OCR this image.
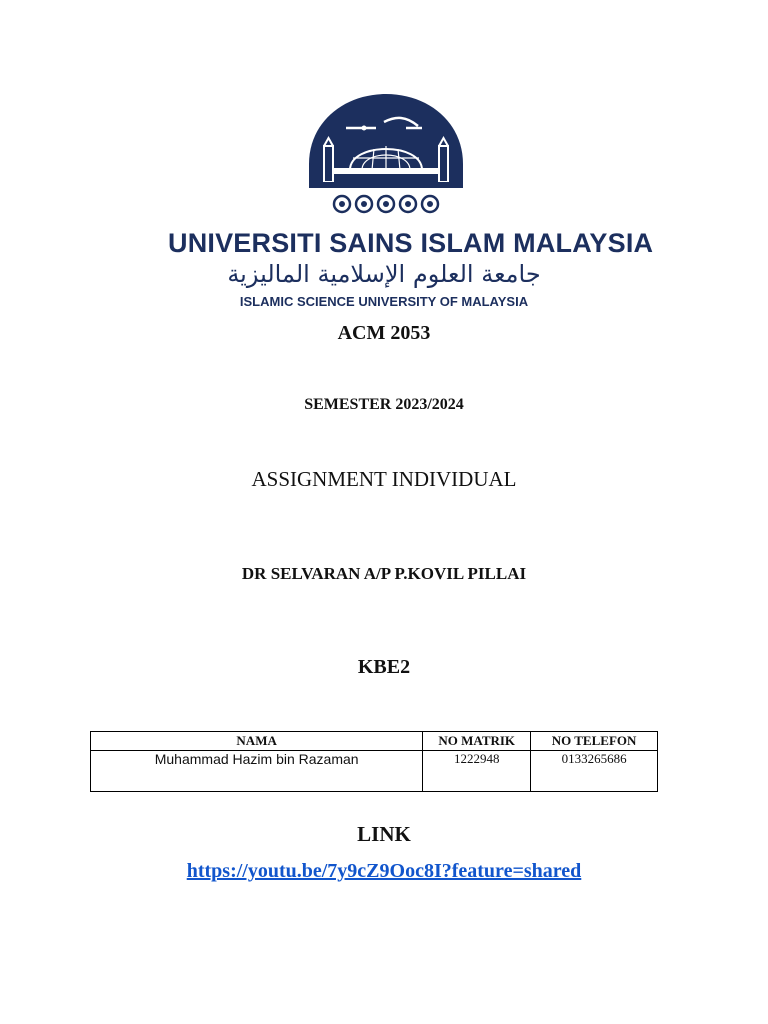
UNIVERSITI SAINS ISLAM MALAYSIA
جامعة العلوم الإسلامية الماليزية
ISLAMIC SCIENCE UNIVERSITY OF MALAYSIA
ACM 2053
SEMESTER 2023/2024
ASSIGNMENT INDIVIDUAL
DR SELVARAN A/P P.KOVIL PILLAI
KBE2
NAMA	NO MATRIK	NO TELEFON
Muhammad Hazim bin Razaman	1222948	0133265686
LINK
https://youtu.be/7y9cZ9Ooc8I?feature=shared
